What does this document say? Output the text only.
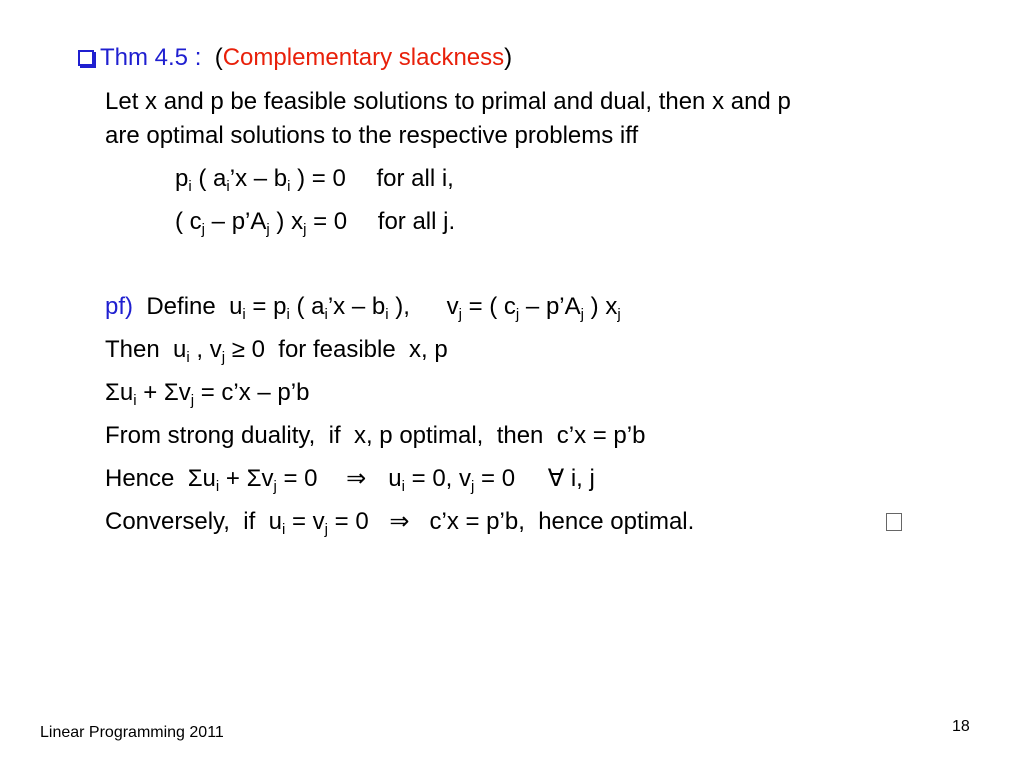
Thm 4.5 : (Complementary slackness)
Let x and p be feasible solutions to primal and dual, then x and p
are optimal solutions to the respective problems iff
$p_i$ ( $a_i’x - b_i$ ) = 0 for all i,
( $c_j$ – $p’A_j$ ) $x_j = 0$ for all j.
pf)  Define  $u_i = p_i$ ( $a_i’x - b_i$ ), $v_j$ = ( $c_j$ – $p’A_j$ ) $x_j$
Then  $u_i$ , $v_j \ge 0$  for feasible  x, p
$\Sigma u_i + \Sigma v_j$ = c’x – p’b
From strong duality,  if  x, p optimal,  then  c’x = p’b
Hence  $\Sigma u_i + \Sigma v_j = 0$ ⇒ $u_i = 0$, $v_j = 0$ ∀ i, j
Conversely,  if  $u_i = v_j = 0$ ⇒ c’x = p’b,  hence optimal.
Linear Programming 2011	18
